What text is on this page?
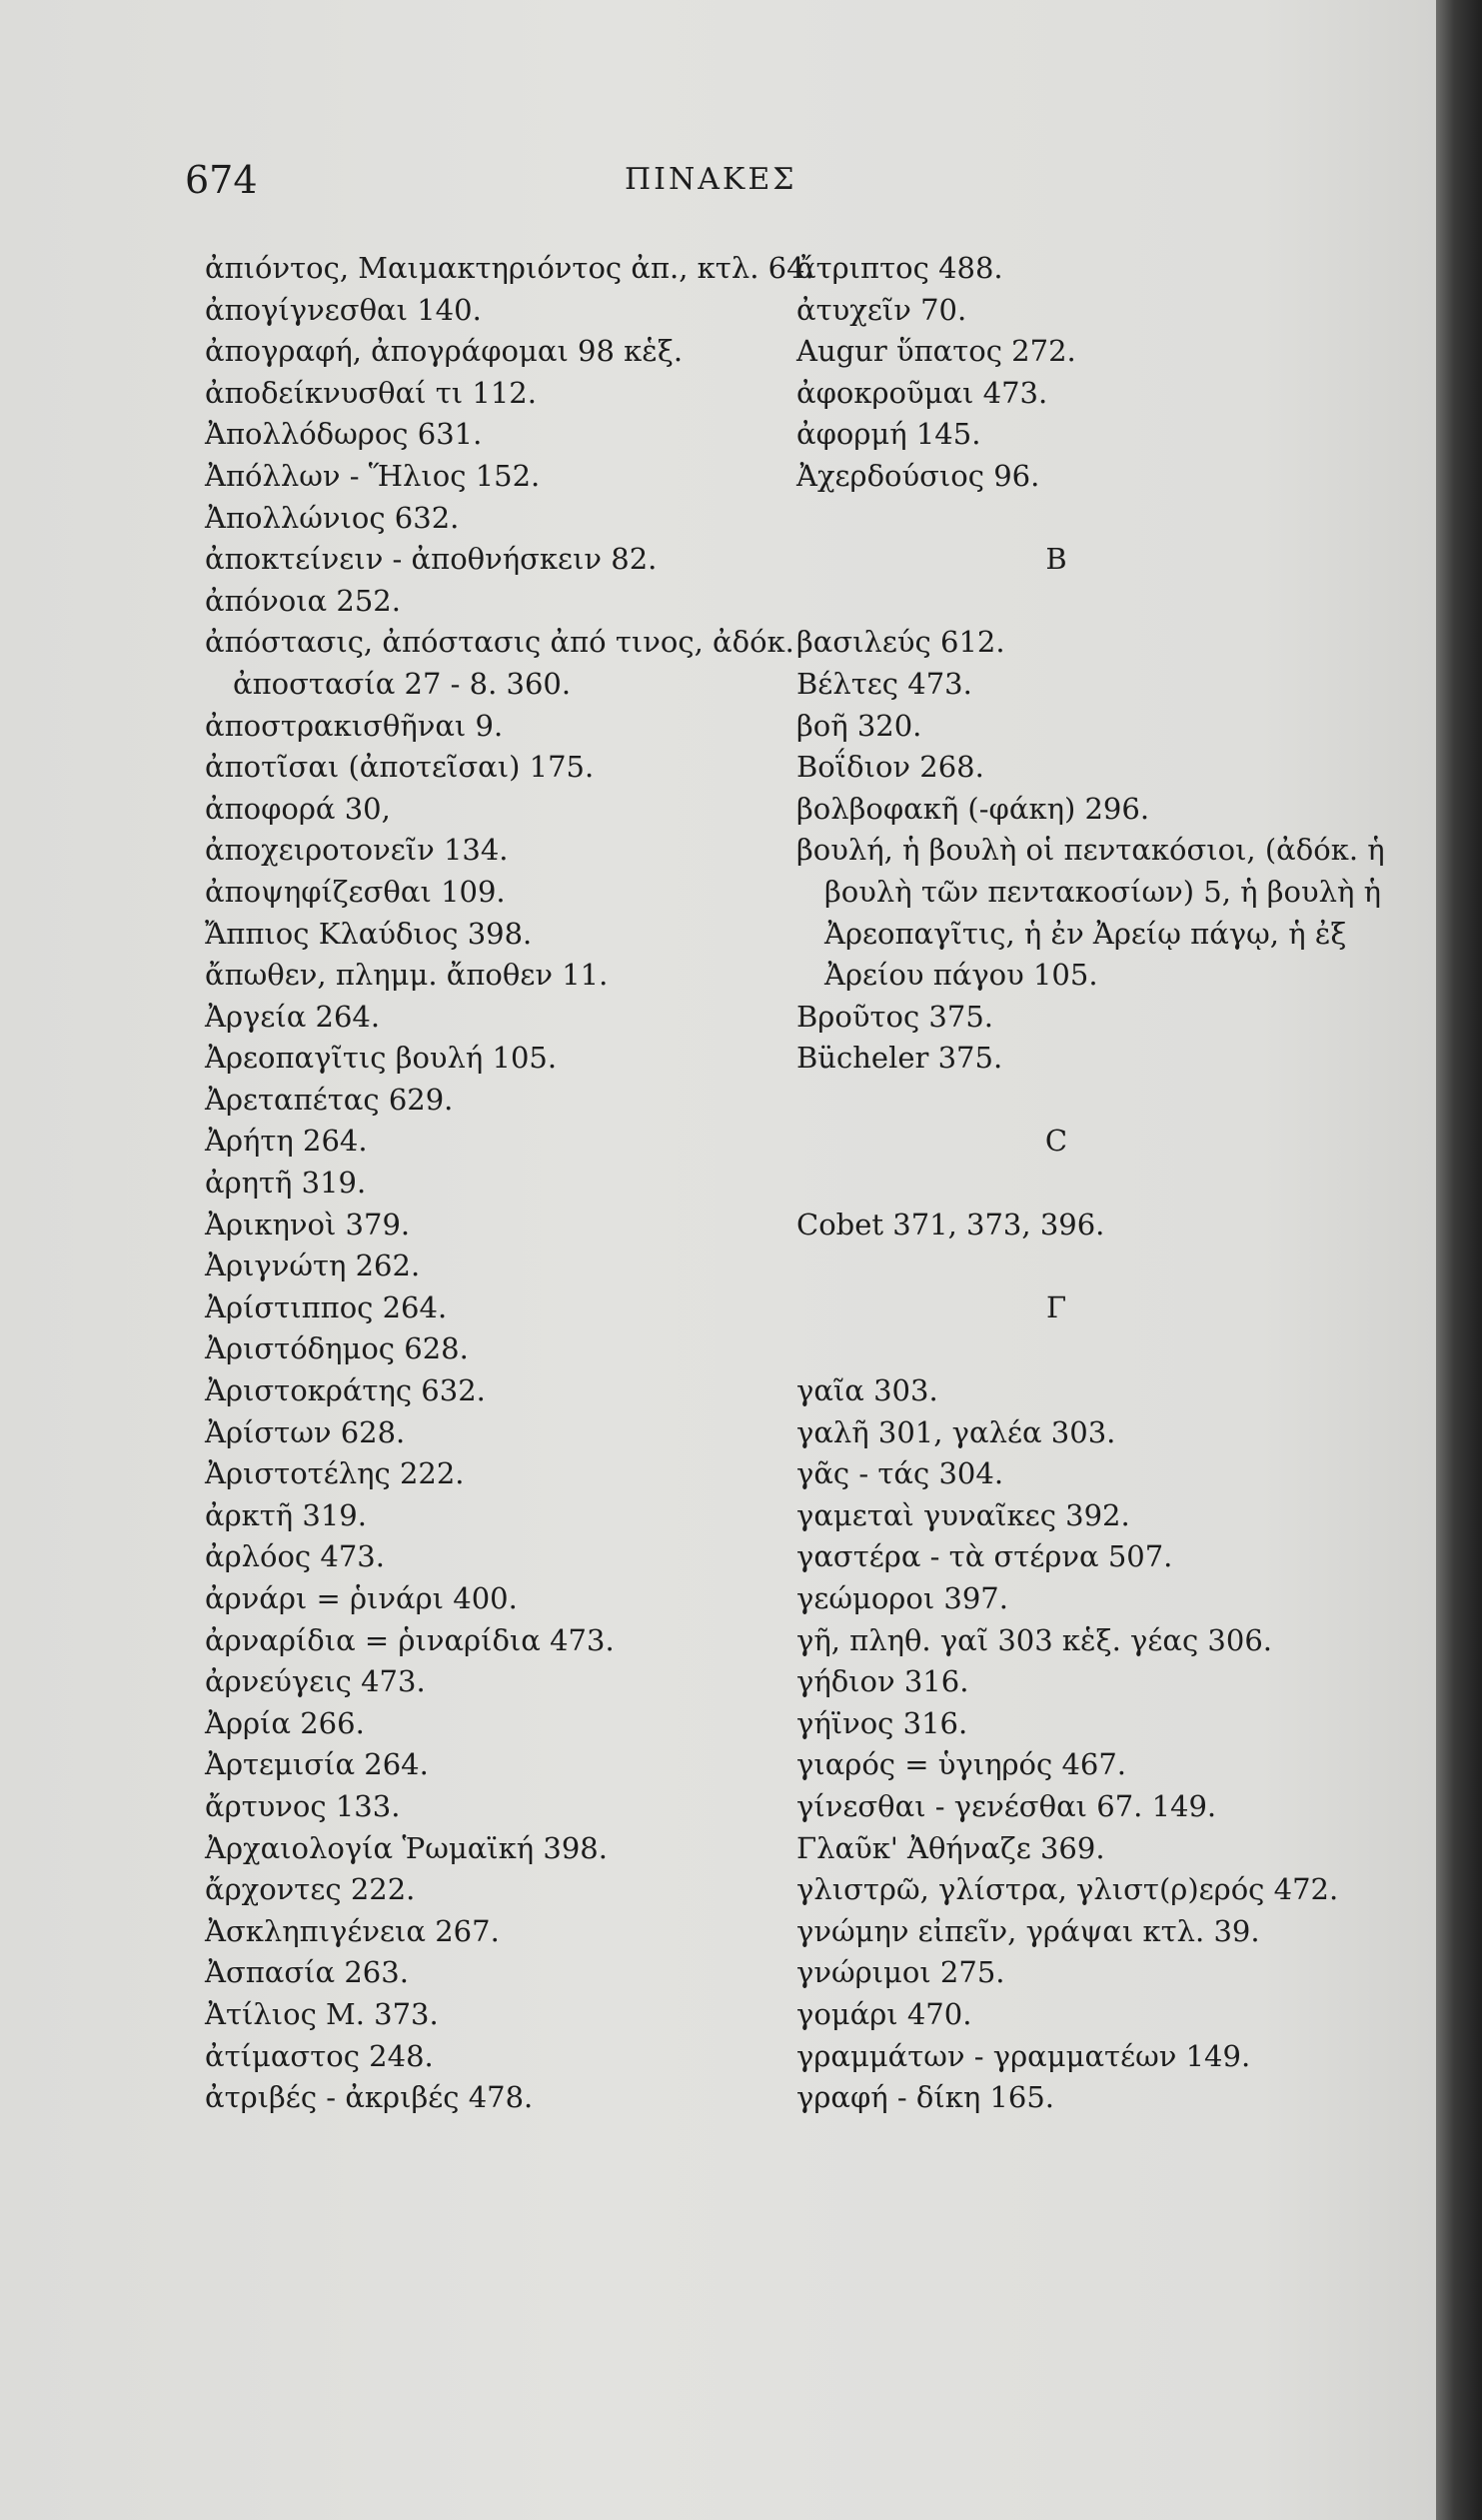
674	ΠΙΝΑΚΕΣ
ἀπιόντος, Μαιμακτηριόντος ἀπ., κτλ. 64.
ἀπογίγνεσθαι 140.
ἀπογραφή, ἀπογράφομαι 98 κἑξ.
ἀποδείκνυσθαί τι 112.
Ἀπολλόδωρος 631.
Ἀπόλλων - Ἥλιος 152.
Ἀπολλώνιος 632.
ἀποκτείνειν - ἀποθνήσκειν 82.
ἀπόνοια 252.
ἀπόστασις, ἀπόστασις ἀπό τινος, ἀδόκ.
ἀποστασία 27 - 8. 360.
ἀποστρακισθῆναι 9.
ἀποτῖσαι (ἀποτεῖσαι) 175.
ἀποφορά 30,
ἀποχειροτονεῖν 134.
ἀποψηφίζεσθαι 109.
Ἄππιος Κλαύδιος 398.
ἄπωθεν, πλημμ. ἄποθεν 11.
Ἀργεία 264.
Ἀρεοπαγῖτις βουλή 105.
Ἀρεταπέτας 629.
Ἀρήτη 264.
ἀρητῆ 319.
Ἀρικηνοὶ 379.
Ἀριγνώτη 262.
Ἀρίστιππος 264.
Ἀριστόδημος 628.
Ἀριστοκράτης 632.
Ἀρίστων 628.
Ἀριστοτέλης 222.
ἀρκτῆ 319.
ἀρλόος 473.
ἀρνάρι = ῥινάρι 400.
ἀρναρίδια = ῥιναρίδια 473.
ἀρνεύγεις 473.
Ἀρρία 266.
Ἀρτεμισία 264.
ἄρτυνος 133.
Ἀρχαιολογία Ῥωμαϊκή 398.
ἄρχοντες 222.
Ἀσκληπιγένεια 267.
Ἀσπασία 263.
Ἀτίλιος Μ. 373.
ἀτίμαστος 248.
ἀτριβές - ἀκριβές 478.
ἄτριπτος 488.
ἀτυχεῖν 70.
Augur ὕπατος 272.
ἀφοκροῦμαι 473.
ἀφορμή 145.
Ἀχερδούσιος 96.
Β
βασιλεύς 612.
Βέλτες 473.
βοῆ 320.
Βοΐδιον 268.
βολβοφακῆ (-φάκη) 296.
βουλή, ἡ βουλὴ οἱ πεντακόσιοι, (ἀδόκ. ἡ
βουλὴ τῶν πεντακοσίων) 5, ἡ βουλὴ ἡ
Ἀρεοπαγῖτις, ἡ ἐν Ἀρείῳ πάγῳ, ἡ ἐξ
Ἀρείου πάγου 105.
Βροῦτος 375.
Bücheler 375.
C
Cobet 371, 373, 396.
Γ
γαῖα 303.
γαλῆ 301, γαλέα 303.
γᾶς - τάς 304.
γαμεταὶ γυναῖκες 392.
γαστέρα - τὰ στέρνα 507.
γεώμοροι 397.
γῆ, πληθ. γαῖ 303 κἑξ. γέας 306.
γήδιον 316.
γήϊνος 316.
γιαρός = ὑγιηρός 467.
γίνεσθαι - γενέσθαι 67. 149.
Γλαῦκ' Ἀθήναζε 369.
γλιστρῶ, γλίστρα, γλιστ(ρ)ερός 472.
γνώμην εἰπεῖν, γράψαι κτλ. 39.
γνώριμοι 275.
γομάρι 470.
γραμμάτων - γραμματέων 149.
γραφή - δίκη 165.
